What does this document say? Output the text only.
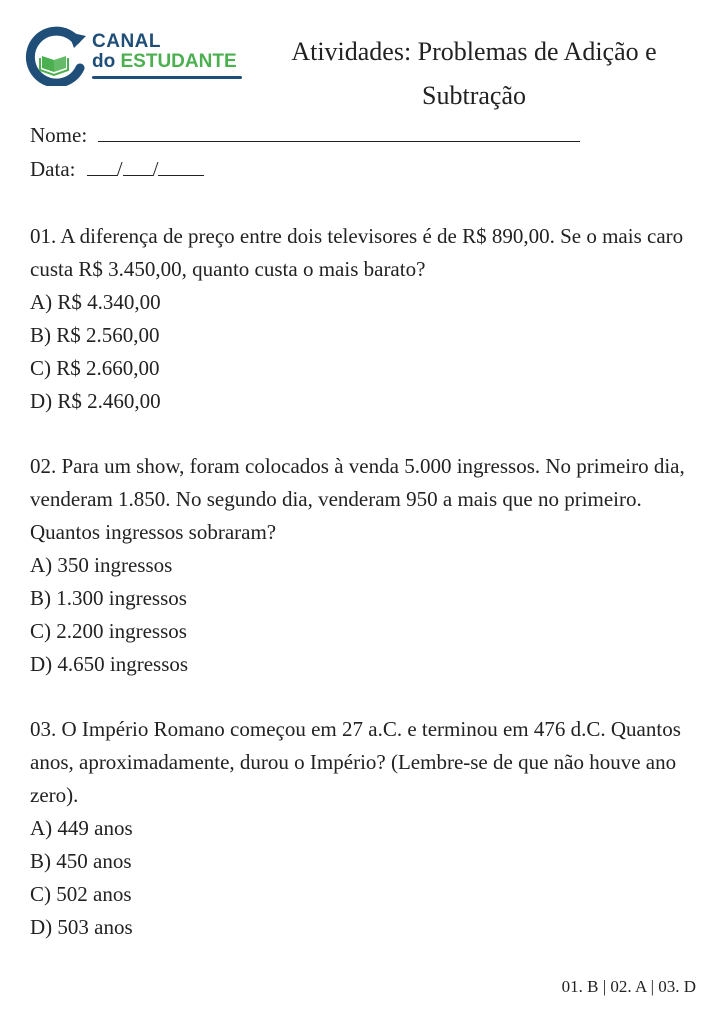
CANAL
do ESTUDANTE	Atividades: Problemas de Adição e
Subtração
Nome:
Data: / /

01. A diferença de preço entre dois televisores é de R$ 890,00. Se o mais caro custa R$ 3.450,00, quanto custa o mais barato?

A) R$ 4.340,00

B) R$ 2.560,00

C) R$ 2.660,00

D) R$ 2.460,00

02. Para um show, foram colocados à venda 5.000 ingressos. No primeiro dia, venderam 1.850. No segundo dia, venderam 950 a mais que no primeiro. Quantos ingressos sobraram?

A) 350 ingressos

B) 1.300 ingressos

C) 2.200 ingressos

D) 4.650 ingressos

03. O Império Romano começou em 27 a.C. e terminou em 476 d.C. Quantos anos, aproximadamente, durou o Império? (Lembre-se de que não houve ano zero).

A) 449 anos

B) 450 anos

C) 502 anos

D) 503 anos

01. B | 02. A | 03. D
